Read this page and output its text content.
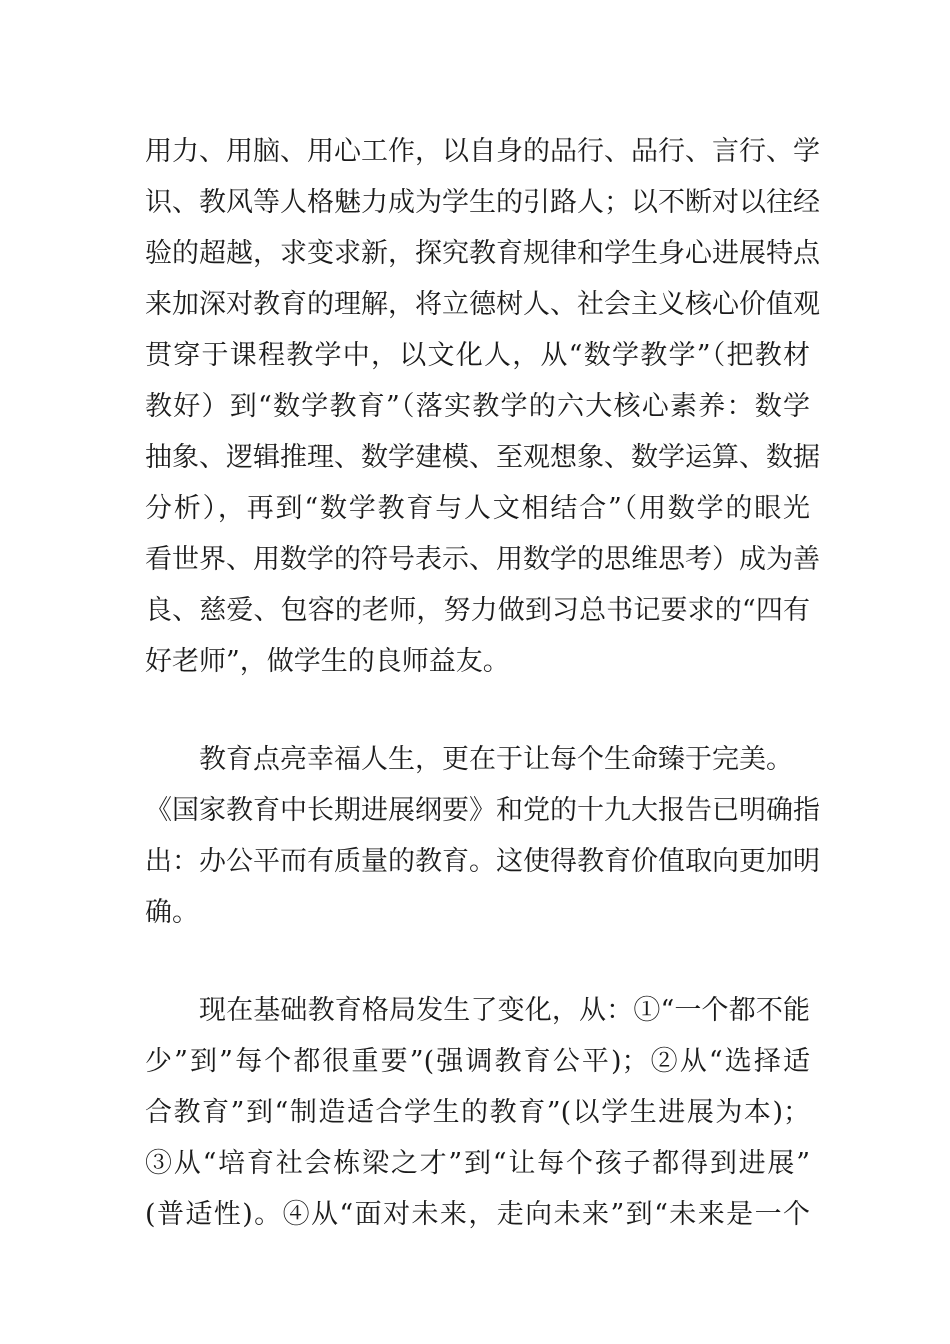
用力、用脑、用心工作，以自身的品行、品行、言行、学
识、教风等人格魅力成为学生的引路人；以不断对以往经
验的超越，求变求新，探究教育规律和学生身心进展特点
来加深对教育的理解，将立德树人、社会主义核心价值观
贯穿于课程教学中，以文化人，从“数学教学”（把教材
教好）到“数学教育”（落实教学的六大核心素养：数学
抽象、逻辑推理、数学建模、至观想象、数学运算、数据
分析），再到“数学教育与人文相结合”（用数学的眼光
看世界、用数学的符号表示、用数学的思维思考）成为善
良、慈爱、包容的老师，努力做到习总书记要求的“四有
好老师”，做学生的良师益友。
教育点亮幸福人生，更在于让每个生命臻于完美。
《国家教育中长期进展纲要》和党的十九大报告已明确指
出：办公平而有质量的教育。这使得教育价值取向更加明
确。
现在基础教育格局发生了变化，从：①“一个都不能
少”到”每个都很重要”(强调教育公平)；②从“选择适
合教育”到“制造适合学生的教育”(以学生进展为本)；
③从“培育社会栋梁之才”到“让每个孩子都得到进展”
(普适性)。④从“面对未来，走向未来”到“未来是一个
